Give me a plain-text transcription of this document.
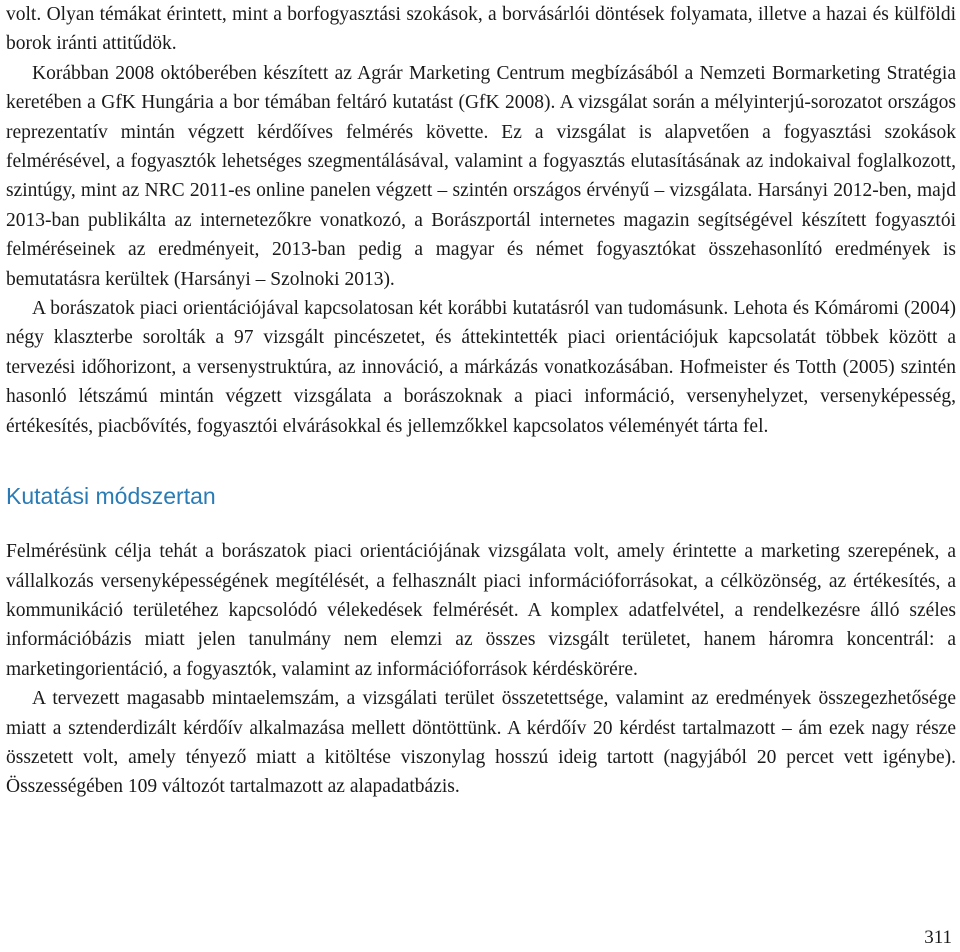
volt. Olyan témákat érintett, mint a borfogyasztási szokások, a borvásárlói döntések folyamata, illetve a hazai és külföldi borok iránti attitűdök.

Korábban 2008 októberében készített az Agrár Marketing Centrum megbízásából a Nemzeti Bormarketing Stratégia keretében a GfK Hungária a bor témában feltáró kutatást (GfK 2008). A vizsgálat során a mélyinterjú-sorozatot országos reprezentatív mintán végzett kérdőíves felmérés követte. Ez a vizsgálat is alapvetően a fogyasztási szokások felmérésével, a fogyasztók lehetséges szegmentálásával, valamint a fogyasztás elutasításának az indokaival foglalkozott, szintúgy, mint az NRC 2011-es online panelen végzett – szintén országos érvényű – vizsgálata. Harsányi 2012-ben, majd 2013-ban publikálta az internetezőkre vonatkozó, a Borászportál internetes magazin segítségével készített fogyasztói felméréseinek az eredményeit, 2013-ban pedig a magyar és német fogyasztókat összehasonlító eredmények is bemutatásra kerültek (Harsányi – Szolnoki 2013).

A borászatok piaci orientációjával kapcsolatosan két korábbi kutatásról van tudomásunk. Lehota és Kómáromi (2004) négy klaszterbe sorolták a 97 vizsgált pincészetet, és áttekintették piaci orientációjuk kapcsolatát többek között a tervezési időhorizont, a versenystruktúra, az innováció, a márkázás vonatkozásában. Hofmeister és Totth (2005) szintén hasonló létszámú mintán végzett vizsgálata a borászoknak a piaci információ, versenyhelyzet, versenyképesség, értékesítés, piacbővítés, fogyasztói elvárásokkal és jellemzőkkel kapcsolatos véleményét tárta fel.

Kutatási módszertan

Felmérésünk célja tehát a borászatok piaci orientációjának vizsgálata volt, amely érintette a marketing szerepének, a vállalkozás versenyképességének megítélését, a felhasznált piaci információforrásokat, a célközönség, az értékesítés, a kommunikáció területéhez kapcsolódó vélekedések felmérését. A komplex adatfelvétel, a rendelkezésre álló széles információbázis miatt jelen tanulmány nem elemzi az összes vizsgált területet, hanem háromra koncentrál: a marketingorientáció, a fogyasztók, valamint az információforrások kérdéskörére.

A tervezett magasabb mintaelemszám, a vizsgálati terület összetettsége, valamint az eredmények összegezhetősége miatt a sztenderdizált kérdőív alkalmazása mellett döntöttünk. A kérdőív 20 kérdést tartalmazott – ám ezek nagy része összetett volt, amely tényező miatt a kitöltése viszonylag hosszú ideig tartott (nagyjából 20 percet vett igénybe). Összességében 109 változót tartalmazott az alapadatbázis.

311
